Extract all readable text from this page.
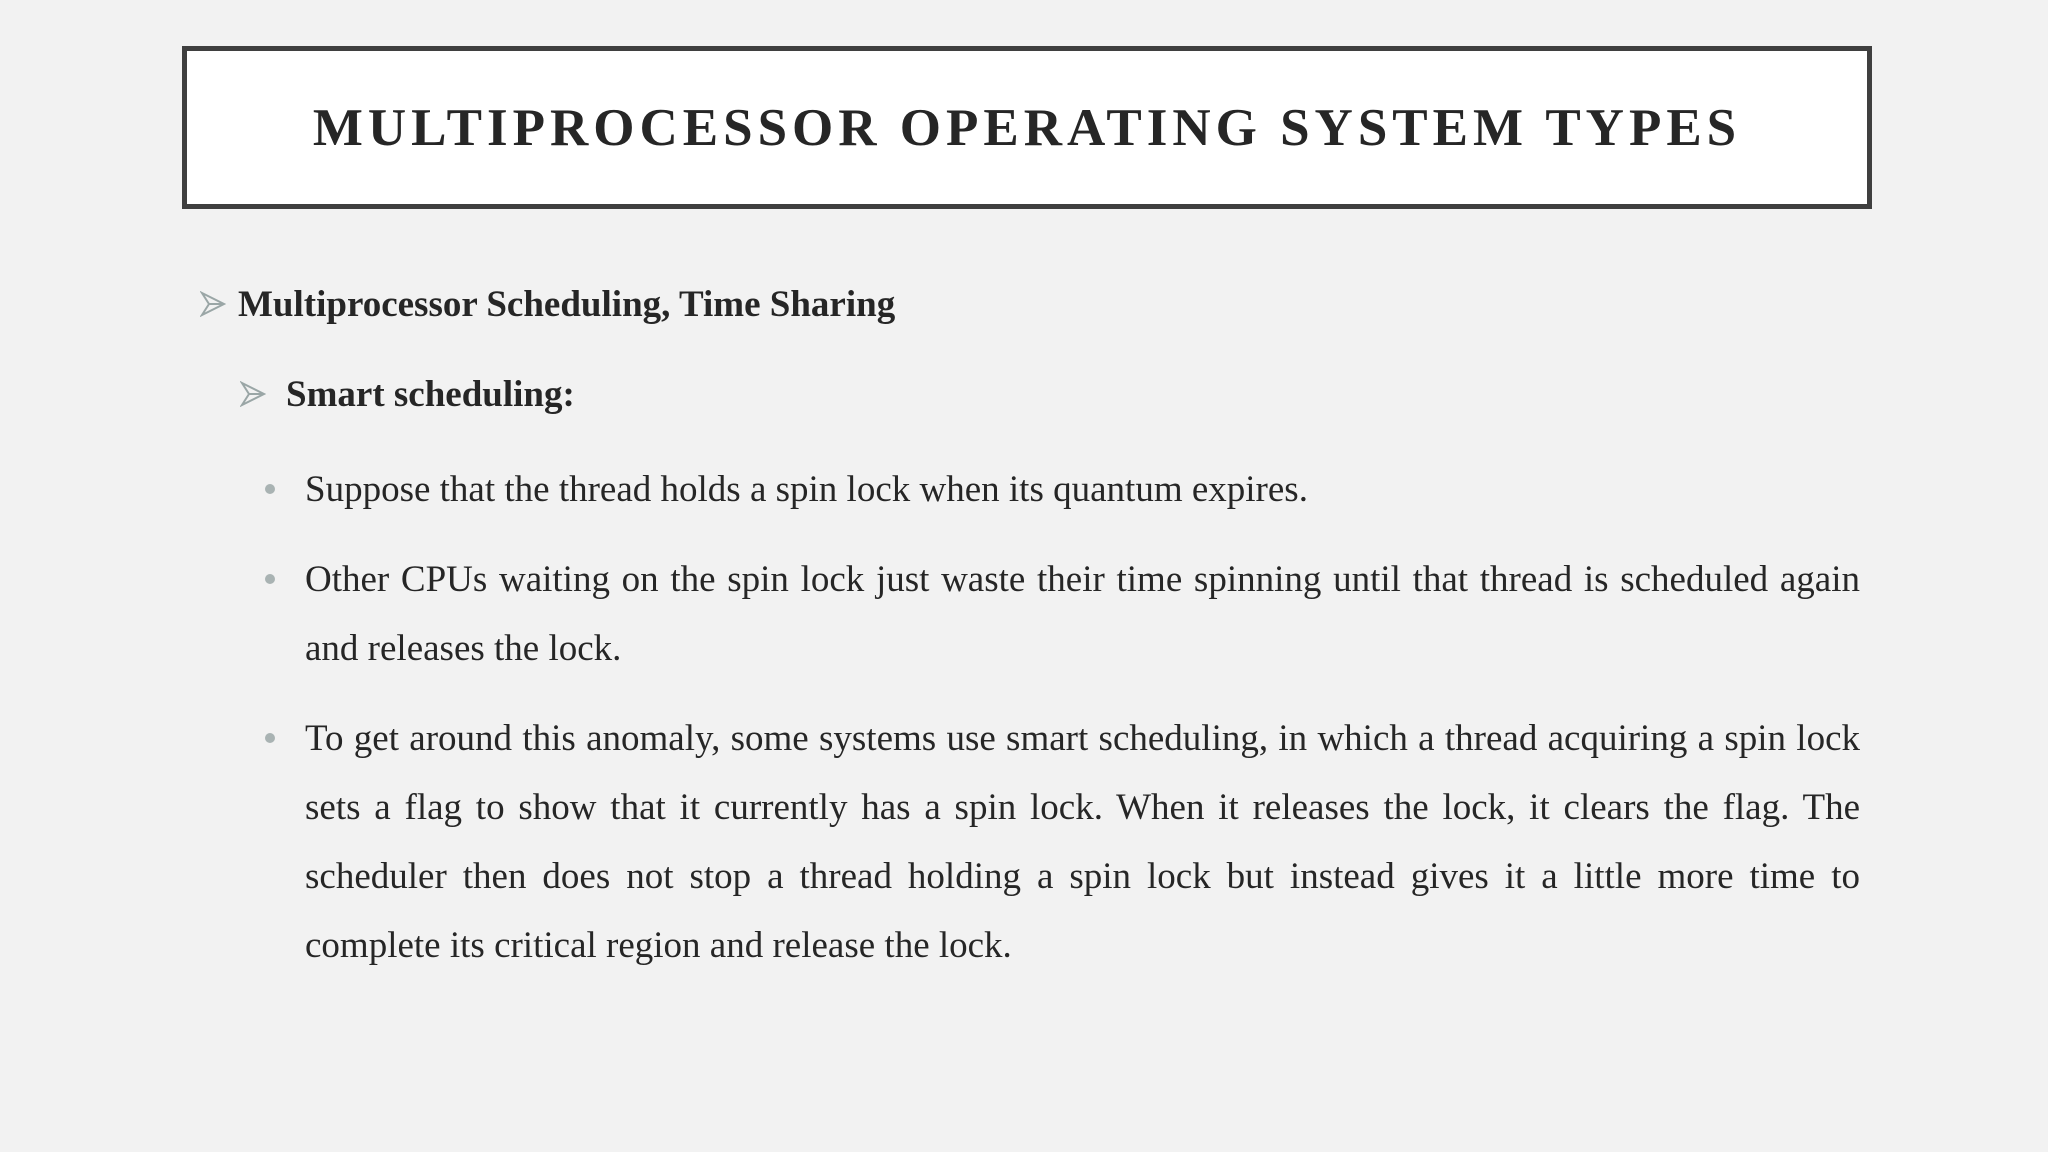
MULTIPROCESSOR OPERATING SYSTEM TYPES
Multiprocessor Scheduling, Time Sharing
Smart scheduling:
Suppose that the thread holds a spin lock when its quantum expires.
Other CPUs waiting on the spin lock just waste their time spinning until that thread is scheduled again and releases the lock.
To get around this anomaly, some systems use smart scheduling, in which a thread acquiring a spin lock sets a flag to show that it currently has a spin lock. When it releases the lock, it clears the flag. The scheduler then does not stop a thread holding a spin lock but instead gives it a little more time to complete its critical region and release the lock.
